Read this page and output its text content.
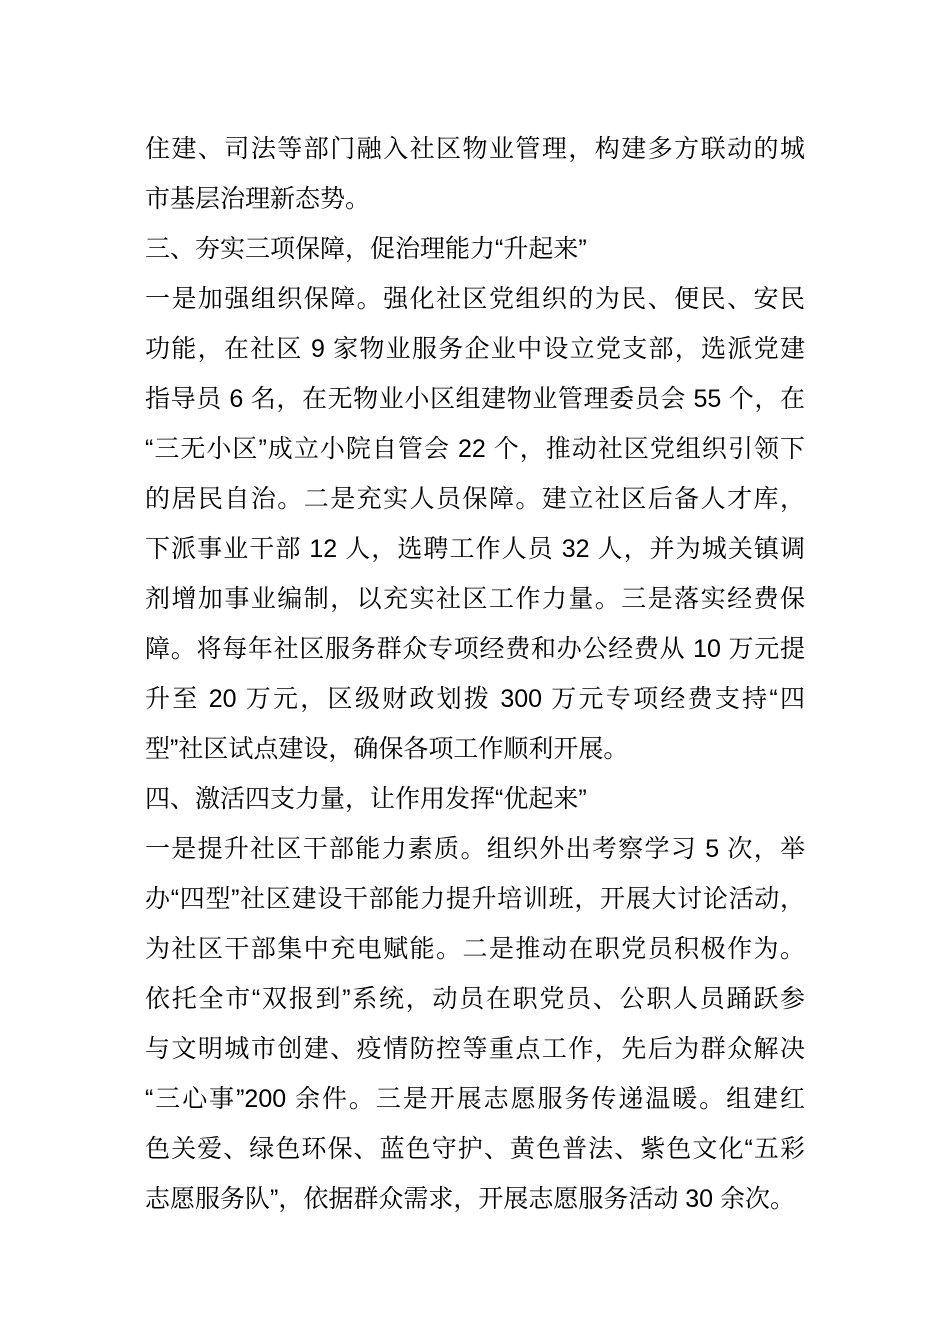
住建、司法等部门融入社区物业管理，构建多方联动的城
市基层治理新态势。
三、夯实三项保障，促治理能力“升起来”
一是加强组织保障。强化社区党组织的为民、便民、安民
功能，在社区 9 家物业服务企业中设立党支部，选派党建
指导员 6 名，在无物业小区组建物业管理委员会 55 个，在
“三无小区”成立小院自管会 22 个，推动社区党组织引领下
的居民自治。二是充实人员保障。建立社区后备人才库，
下派事业干部 12 人，选聘工作人员 32 人，并为城关镇调
剂增加事业编制，以充实社区工作力量。三是落实经费保
障。将每年社区服务群众专项经费和办公经费从 10 万元提
升至 20 万元，区级财政划拨 300 万元专项经费支持“四
型”社区试点建设，确保各项工作顺利开展。
四、激活四支力量，让作用发挥“优起来”
一是提升社区干部能力素质。组织外出考察学习 5 次，举
办“四型”社区建设干部能力提升培训班，开展大讨论活动，
为社区干部集中充电赋能。二是推动在职党员积极作为。
依托全市“双报到”系统，动员在职党员、公职人员踊跃参
与文明城市创建、疫情防控等重点工作，先后为群众解决
“三心事”200 余件。三是开展志愿服务传递温暖。组建红
色关爱、绿色环保、蓝色守护、黄色普法、紫色文化“五彩
志愿服务队”，依据群众需求，开展志愿服务活动 30 余次。
